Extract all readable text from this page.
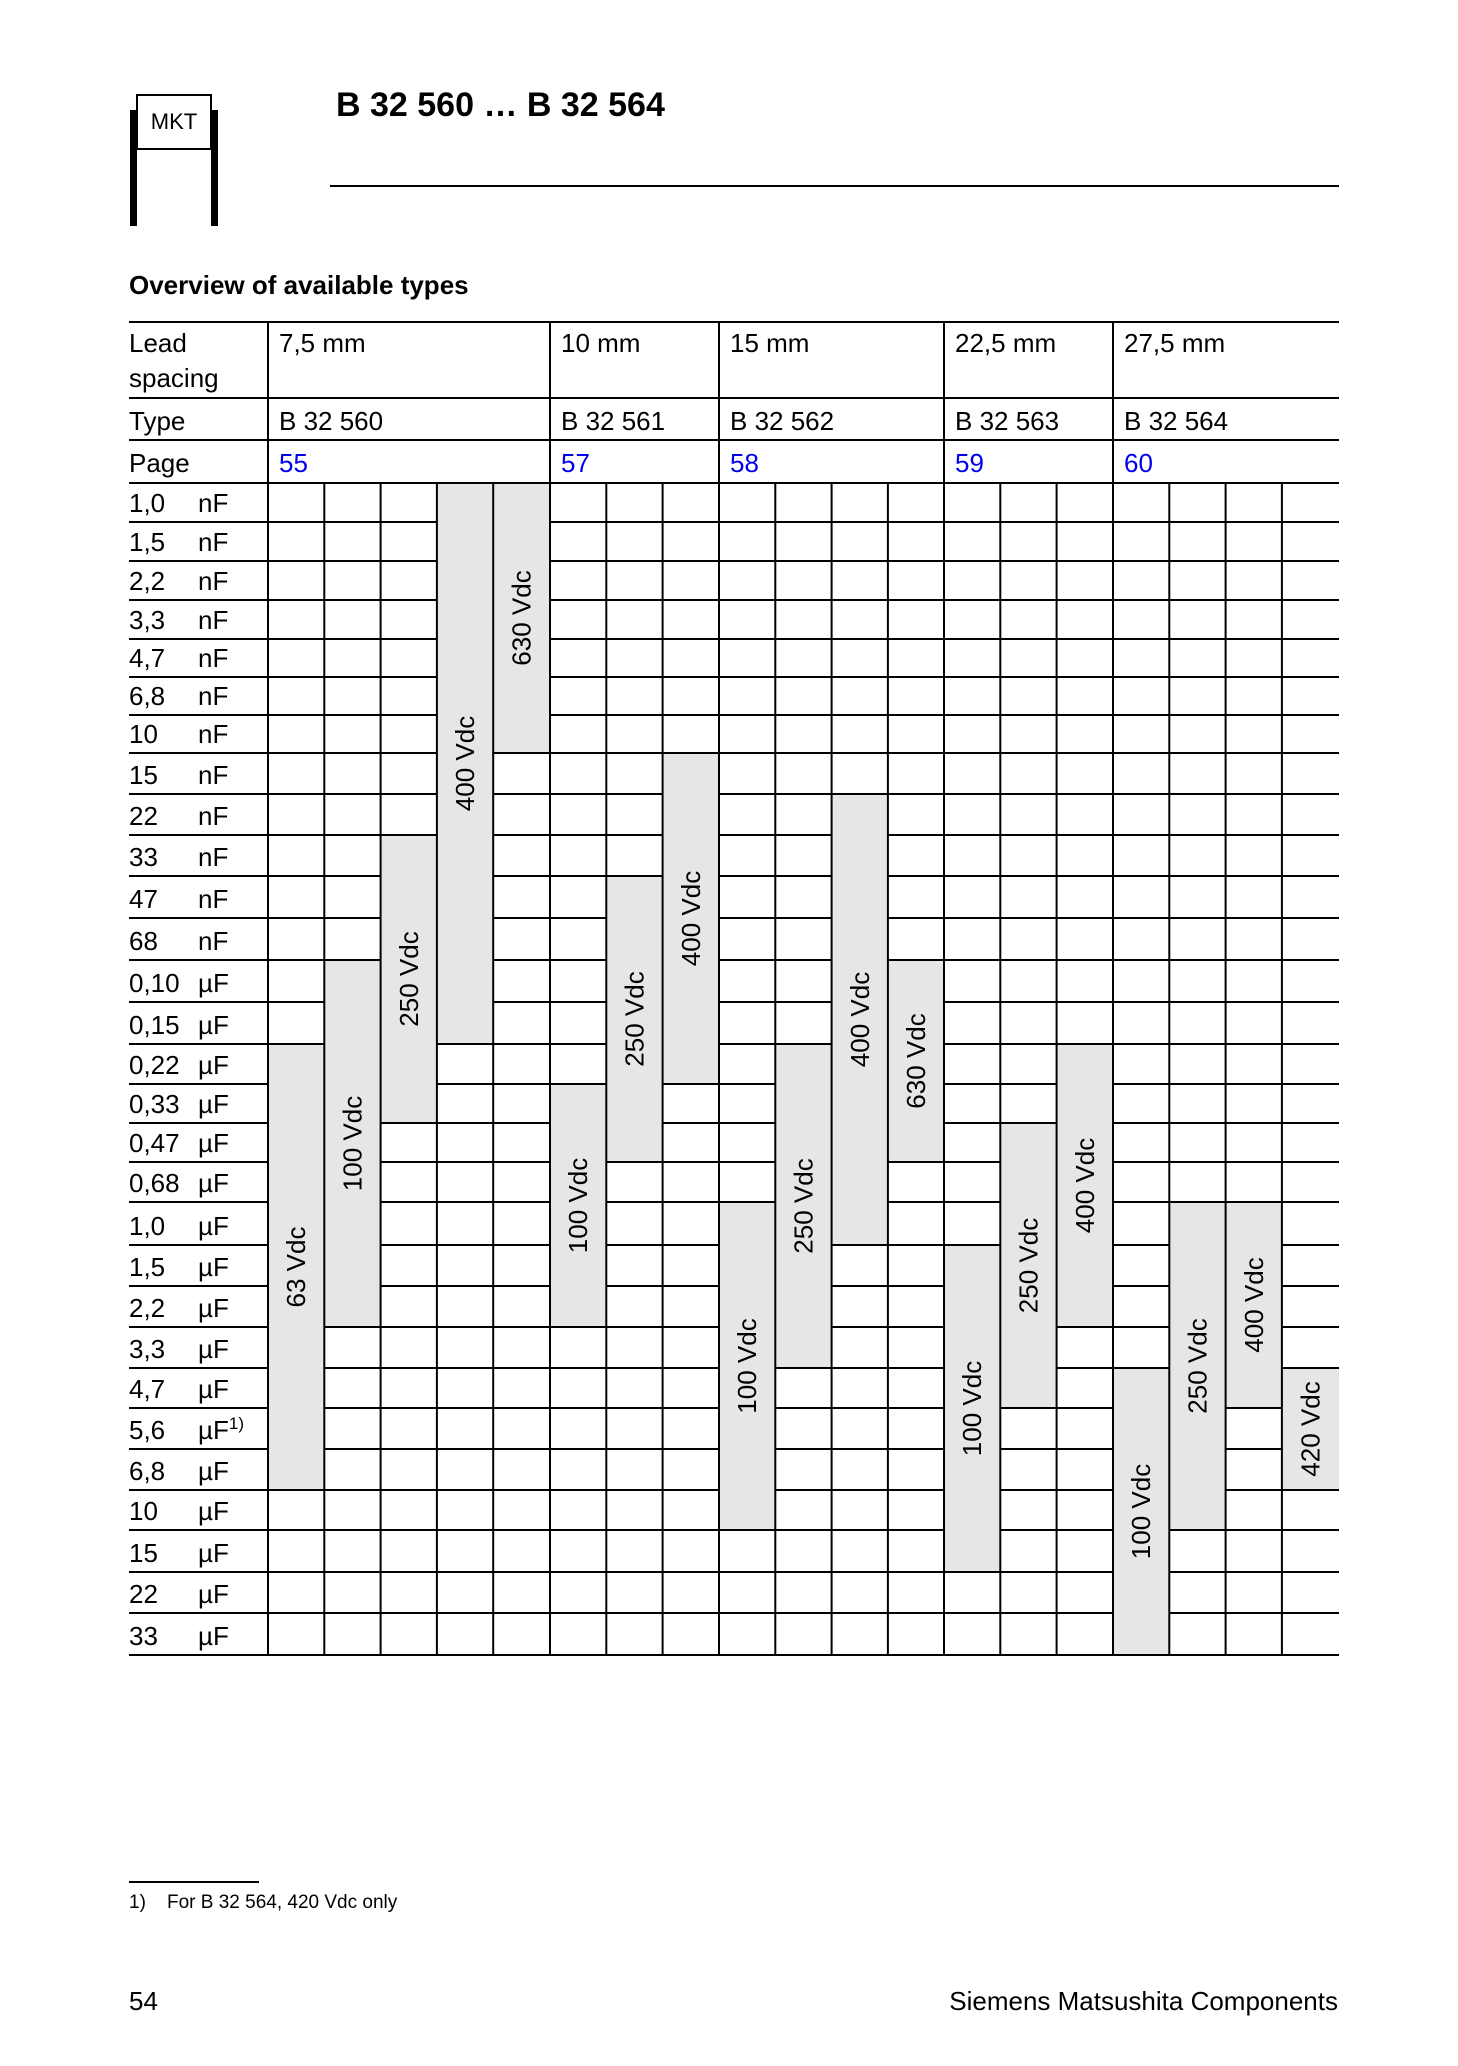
MKT	B 32 560 … B 32 564
Overview of available types
Lead
spacing
Type
Page
7,5 mm
B 32 560
55
10 mm
B 32 561
57
15 mm
B 32 562
58
22,5 mm
B 32 563
59
27,5 mm
B 32 564
60
1,0 nF
1,5 nF
2,2 nF
3,3 nF
4,7 nF
6,8 nF
10 nF
15 nF
22 nF
33 nF
47 nF
68 nF
0,10 µF
0,15 µF
0,22 µF
0,33 µF
0,47 µF
0,68 µF
1,0 µF
1,5 µF
2,2 µF
3,3 µF
4,7 µF
5,6 µF$^{1)}$
6,8 µF
10 µF
15 µF
22 µF
33 µF
63 Vdc
100 Vdc
250 Vdc
400 Vdc
630 Vdc
100 Vdc
250 Vdc
400 Vdc
100 Vdc
250 Vdc
400 Vdc 630 Vdc
100 Vdc
250 Vdc
400 Vdc
100 Vdc
250 Vdc
400 Vdc
420 Vdc
1) For B 32 564, 420 Vdc only
54	Siemens Matsushita Components
